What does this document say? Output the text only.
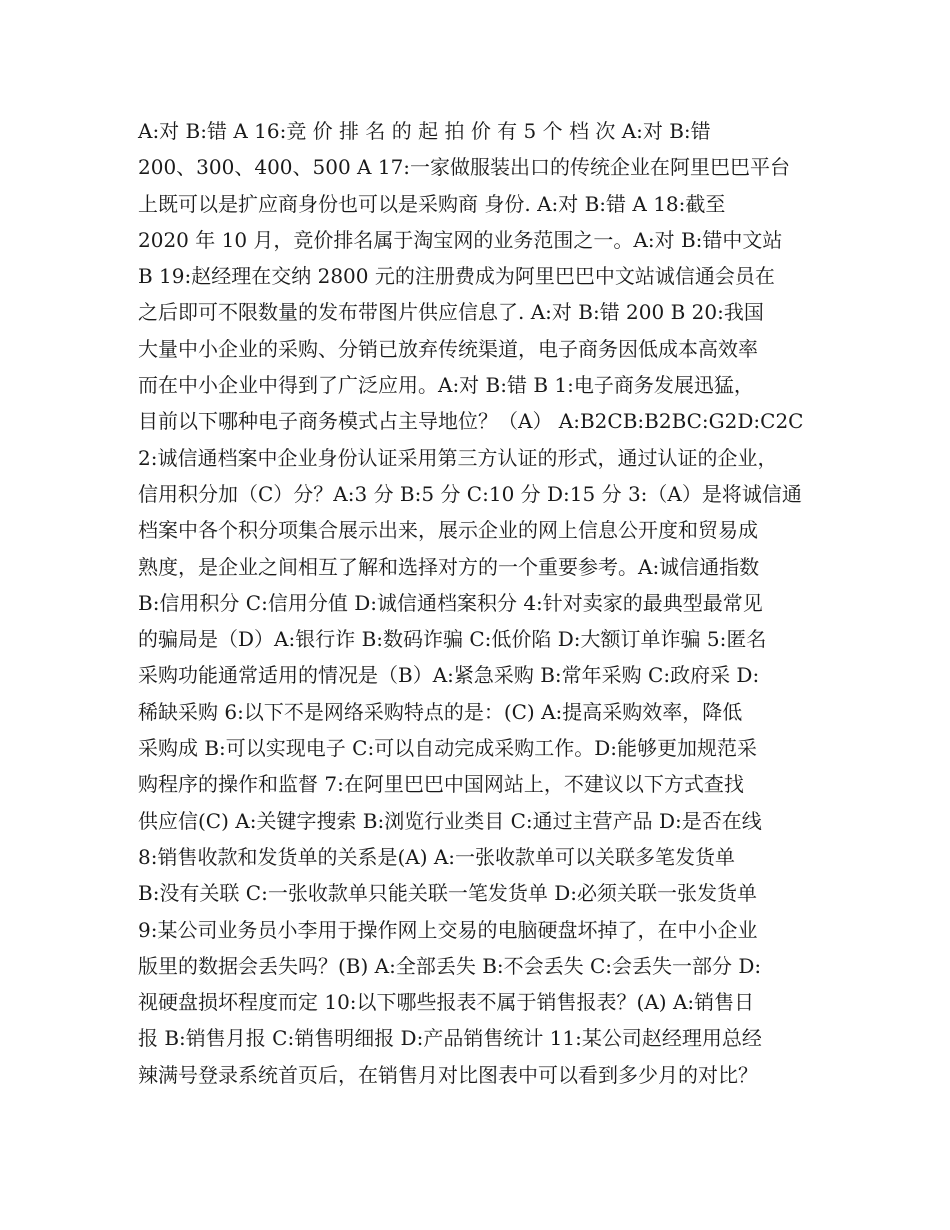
A:对 B:错 A 16:竞 价 排 名 的 起 拍 价 有 5 个 档 次 A:对 B:错
200、300、400、500 A 17:一家做服装出口的传统企业在阿里巴巴平台
上既可以是扩应商身份也可以是采购商 身份. A:对 B:错 A 18:截至
2020 年 10 月，竞价排名属于淘宝网的业务范围之一。A:对 B:错中文站
B 19:赵经理在交纳 2800 元的注册费成为阿里巴巴中文站诚信通会员在
之后即可不限数量的发布带图片供应信息了. A:对 B:错 200 B 20:我国
大量中小企业的采购、分销已放弃传统渠道，电子商务因低成本高效率
而在中小企业中得到了广泛应用。A:对 B:错 B 1:电子商务发展迅猛，
目前以下哪种电子商务模式占主导地位？（A） A:B2CB:B2BC:G2D:C2C
2:诚信通档案中企业身份认证采用第三方认证的形式，通过认证的企业，
信用积分加（C）分？A:3 分 B:5 分 C:10 分 D:15 分 3:（A）是将诚信通
档案中各个积分项集合展示出来，展示企业的网上信息公开度和贸易成
熟度，是企业之间相互了解和选择对方的一个重要参考。A:诚信通指数
B:信用积分 C:信用分值 D:诚信通档案积分 4:针对卖家的最典型最常见
的骗局是（D）A:银行诈 B:数码诈骗 C:低价陷 D:大额订单诈骗 5:匿名
采购功能通常适用的情况是（B）A:紧急采购 B:常年采购 C:政府采 D:
稀缺采购 6:以下不是网络采购特点的是：(C) A:提高采购效率，降低
采购成 B:可以实现电子 C:可以自动完成采购工作。D:能够更加规范采
购程序的操作和监督 7:在阿里巴巴中国网站上，不建议以下方式查找
供应信(C) A:关键字搜索 B:浏览行业类目 C:通过主营产品 D:是否在线
8:销售收款和发货单的关系是(A) A:一张收款单可以关联多笔发货单
B:没有关联 C:一张收款单只能关联一笔发货单 D:必须关联一张发货单
9:某公司业务员小李用于操作网上交易的电脑硬盘坏掉了，在中小企业
版里的数据会丢失吗？(B) A:全部丢失 B:不会丢失 C:会丢失一部分 D:
视硬盘损坏程度而定 10:以下哪些报表不属于销售报表？(A) A:销售日
报 B:销售月报 C:销售明细报 D:产品销售统计 11:某公司赵经理用总经
辣满号登录系统首页后，在销售月对比图表中可以看到多少月的对比？
